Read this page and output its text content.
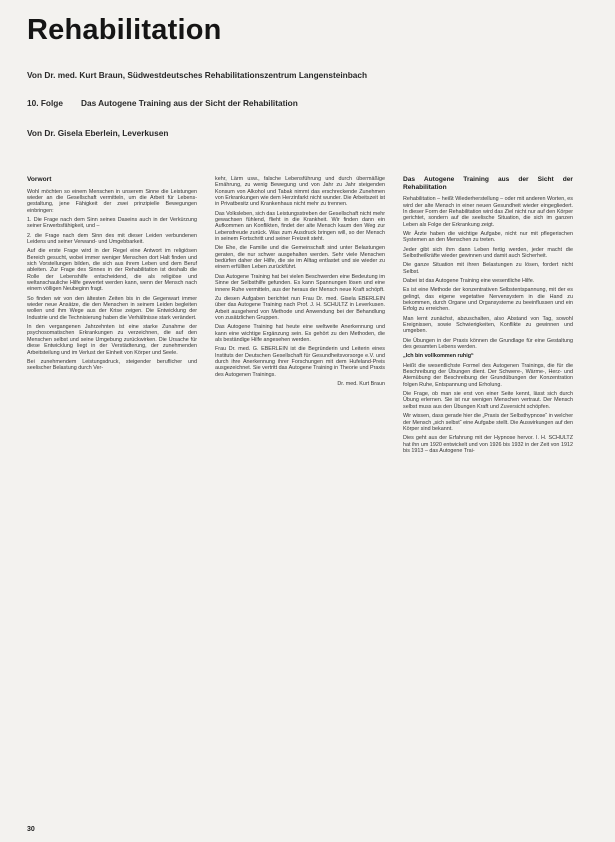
Rehabilitation
Von Dr. med. Kurt Braun, Südwestdeutsches Rehabilitationszentrum Langensteinbach
10. Folge Das Autogene Training aus der Sicht der Rehabilitation
Von Dr. Gisela Eberlein, Leverkusen
Vorwort

Wohl möchten so einem Menschen in unserem Sinne die Leistungen wieder an die Gesellschaft vermitteln, um die Arbeit für Lebens-gestaltung, jene Fähigkeit der zwei prinzipielle Bewegungen einbringen:

1. Die Frage nach dem Sinn seines Daseins auch in der Verkürzung seiner Erwerbsfähigkeit, und –

2. die Frage nach dem Sinn des mit dieser Leiden verbundenen Leidens und seiner Verwand- und Umgebbarkeit.

Auf die erste Frage wird in der Regel eine Antwort im religiösen Bereich gesucht, wobei immer weniger Menschen dort Halt finden und sich Vorstellungen bilden, die sich aus ihrem Leben und dem Beruf ableiten. Zur Frage des Sinnes in der Rehabilitation ist deshalb die Rolle der Lebenshilfe entscheidend, die als religiöse und weltanschauliche Hilfe gewertet werden kann, wenn der Mensch nach einem völligen Neubeginn fragt.

So finden wir von den ältesten Zeiten bis in die Gegenwart immer wieder neue Ansätze, die den Menschen in seinem Leiden begleiten wollen und ihm Wege aus der Krise zeigen. Die Entwicklung der Industrie und die Technisierung haben die Verhältnisse stark verändert.

In den vergangenen Jahrzehnten ist eine starke Zunahme der psychosomatischen Erkrankungen zu verzeichnen, die auf den Menschen selbst und seine Umgebung zurückwirken. Die Ursache für diese Entwicklung liegt in der Verstädterung, der zunehmenden Arbeitsteilung und im Verlust der Einheit von Körper und Seele.

Bei zunehmendem Leistungsdruck, steigender beruflicher und seelischer Belastung durch Ver-

kehr, Lärm usw., falsche Lebensführung und durch übermäßige Ernährung, zu wenig Bewegung und von Jahr zu Jahr steigenden Konsum von Alkohol und Tabak nimmt das erschreckende Zunehmen von Erkrankungen wie dem Herzinfarkt nicht wunder. Die Arbeitszeit ist in Privatbesitz und Krankenhaus nicht mehr zu trennen.

Das Volksleben, sich das Leistungsstreben der Gesellschaft nicht mehr gewachsen fühlend, flieht in die Krankheit. Wir finden dann ein Aufkommen an Konflikten, findet der alte Mensch kaum den Weg zur Lebensfreude zurück. Was zum Ausdruck bringen will, so der Mensch in seinem Fortschritt und seiner Freizeit steht.

Die Ehe, die Familie und die Gemeinschaft sind unter Belastungen geraten, die nur schwer ausgehalten werden. Sehr viele Menschen bedürfen daher der Hilfe, die sie im Alltag entlastet und sie wieder zu einem erfüllten Leben zurückführt.

Das Autogene Training hat bei vielen Beschwerden eine Bedeutung im Sinne der Selbsthilfe gefunden. Es kann Spannungen lösen und eine innere Ruhe vermitteln, aus der heraus der Mensch neue Kraft schöpft.

Zu diesen Aufgaben berichtet nun Frau Dr. med. Gisela EBERLEIN über das Autogene Training nach Prof. J. H. SCHULTZ in Leverkusen. Arbeit ausgehend von Methode und Anwendung bei der Behandlung von zusätzlichen Gruppen.

Das Autogene Training hat heute eine weltweite Anerkennung und kann eine wichtige Ergänzung sein. Es gehört zu den Methoden, die als beständige Hilfe angesehen werden.

Frau Dr. med. G. EBERLEIN ist die Begründerin und Leiterin eines Instituts der Deutschen Gesellschaft für Gesundheitsvorsorge e.V. und durch ihre Anerkennung ihrer Forschungen mit dem Hufeland-Preis ausgezeichnet. Sie vertritt das Autogene Training in Theorie und Praxis des Autogenen Trainings.

Dr. med. Kurt Braun

Das Autogene Training aus der Sicht der Rehabilitation

Rehabilitation – heißt Wiederherstellung – oder mit anderen Worten, es wird der alte Mensch in einer neuen Gesundheit wieder eingegliedert. In dieser Form der Rehabilitation wird das Ziel nicht nur auf den Körper gerichtet, sondern auf die seelische Situation, die sich im ganzen Leben als Folge der Erkrankung zeigt.

Wir Ärzte haben die wichtige Aufgabe, nicht nur mit pflegerischen Systemen an den Menschen zu treten.

Jeder gibt sich ihm dann Leben fertig werden, jeder macht die Selbstheilkräfte wieder gewinnen und damit auch Sicherheit.

Die ganze Situation mit ihren Belastungen zu lösen, fordert nicht Selbst.

Dabei ist das Autogene Training eine wesentliche Hilfe.

Es ist eine Methode der konzentrativen Selbstentspannung, mit der es gelingt, das eigene vegetative Nervensystem in die Hand zu bekommen, durch Organe und Organsysteme zu beeinflussen und ein Erfolg zu erreichen.

Man lernt zunächst, abzuschalten, also Abstand von Tag, sowohl Ereignissen, sowie Schwierigkeiten, Konflikte zu gewinnen und umgeben.

Die Übungen in der Praxis können die Grundlage für eine Gestaltung des gesamten Lebens werden.

„Ich bin vollkommen ruhig“

Heißt die wesentlichste Formel des Autogenen Trainings, die für die Beschreibung der Übungen dient. Der Schwere-, Wärme-, Herz- und Atemübung der Beschreibung der Grundübungen der Konzentration folgen Ruhe, Entspannung und Erholung.

Die Frage, ob man sie erst von einer Seite kennt, lässt sich durch Übung erlernen. Sie ist nur wenigen Menschen vertraut. Der Mensch selbst muss aus den Übungen Kraft und Zuversicht schöpfen.

Wir wissen, dass gerade hier die „Praxis der Selbsthypnose“ in welcher der Mensch „sich selbst“ eine Aufgabe stellt. Die Auswirkungen auf den Körper sind bekannt.

Dies geht aus der Erfahrung mit der Hypnose hervor. I. H. SCHULTZ hat ihn um 1920 entwickelt und von 1926 bis 1932 in der Zeit von 1912 bis 1913 – das Autogene Trai-

30
